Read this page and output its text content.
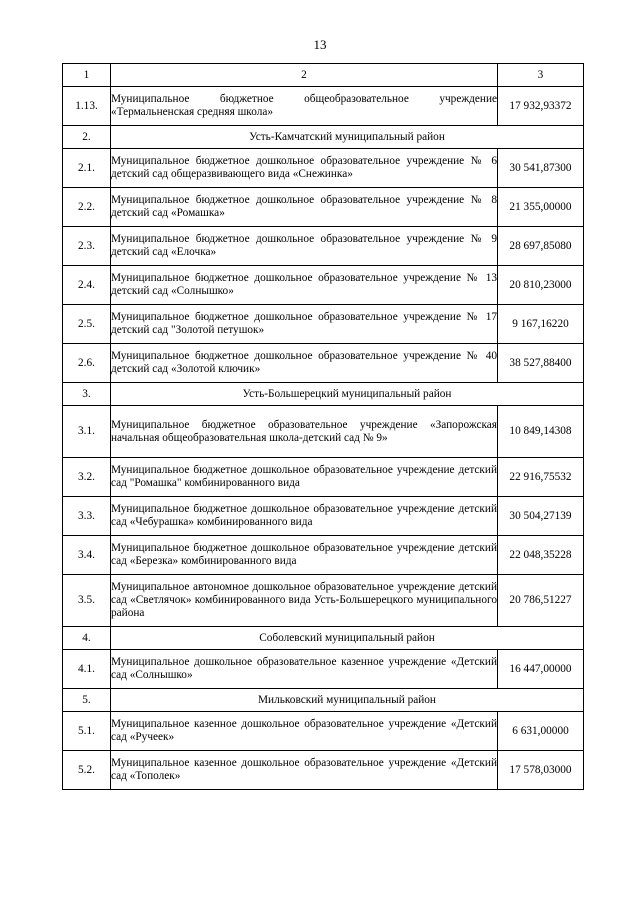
13
1	2	3
1.13.	Муниципальное бюджетное общеобразовательное учреждение «Термальненская средняя школа»	17 932,93372
2.	Усть-Камчатский муниципальный район	
2.1.	Муниципальное бюджетное дошкольное образовательное учреждение № 6 детский сад общеразвивающего вида «Снежинка»	30 541,87300
2.2.	Муниципальное бюджетное дошкольное образовательное учреждение № 8 детский сад «Ромашка»	21 355,00000
2.3.	Муниципальное бюджетное дошкольное образовательное учреждение № 9 детский сад «Елочка»	28 697,85080
2.4.	Муниципальное бюджетное дошкольное образовательное учреждение № 13 детский сад «Солнышко»	20 810,23000
2.5.	Муниципальное бюджетное дошкольное образовательное учреждение № 17 детский сад "Золотой петушок»	9 167,16220
2.6.	Муниципальное бюджетное дошкольное образовательное учреждение № 40 детский сад «Золотой ключик»	38 527,88400
3.	Усть-Большерецкий муниципальный район	
3.1.	Муниципальное бюджетное образовательное учреждение «Запорожская начальная общеобразовательная школа-детский сад № 9»	10 849,14308
3.2.	Муниципальное бюджетное дошкольное образовательное учреждение детский сад "Ромашка" комбинированного вида	22 916,75532
3.3.	Муниципальное бюджетное дошкольное образовательное учреждение детский сад «Чебурашка» комбинированного вида	30 504,27139
3.4.	Муниципальное бюджетное дошкольное образовательное учреждение детский сад «Березка» комбинированного вида	22 048,35228
3.5.	Муниципальное автономное дошкольное образовательное учреждение детский сад «Светлячок» комбинированного вида Усть-Большерецкого муниципального района	20 786,51227
4.	Соболевский муниципальный район	
4.1.	Муниципальное дошкольное образовательное казенное учреждение «Детский сад «Солнышко»	16 447,00000
5.	Мильковский муниципальный район	
5.1.	Муниципальное казенное дошкольное образовательное учреждение «Детский сад «Ручеек»	6 631,00000
5.2.	Муниципальное казенное дошкольное образовательное учреждение «Детский сад «Тополек»	17 578,03000
